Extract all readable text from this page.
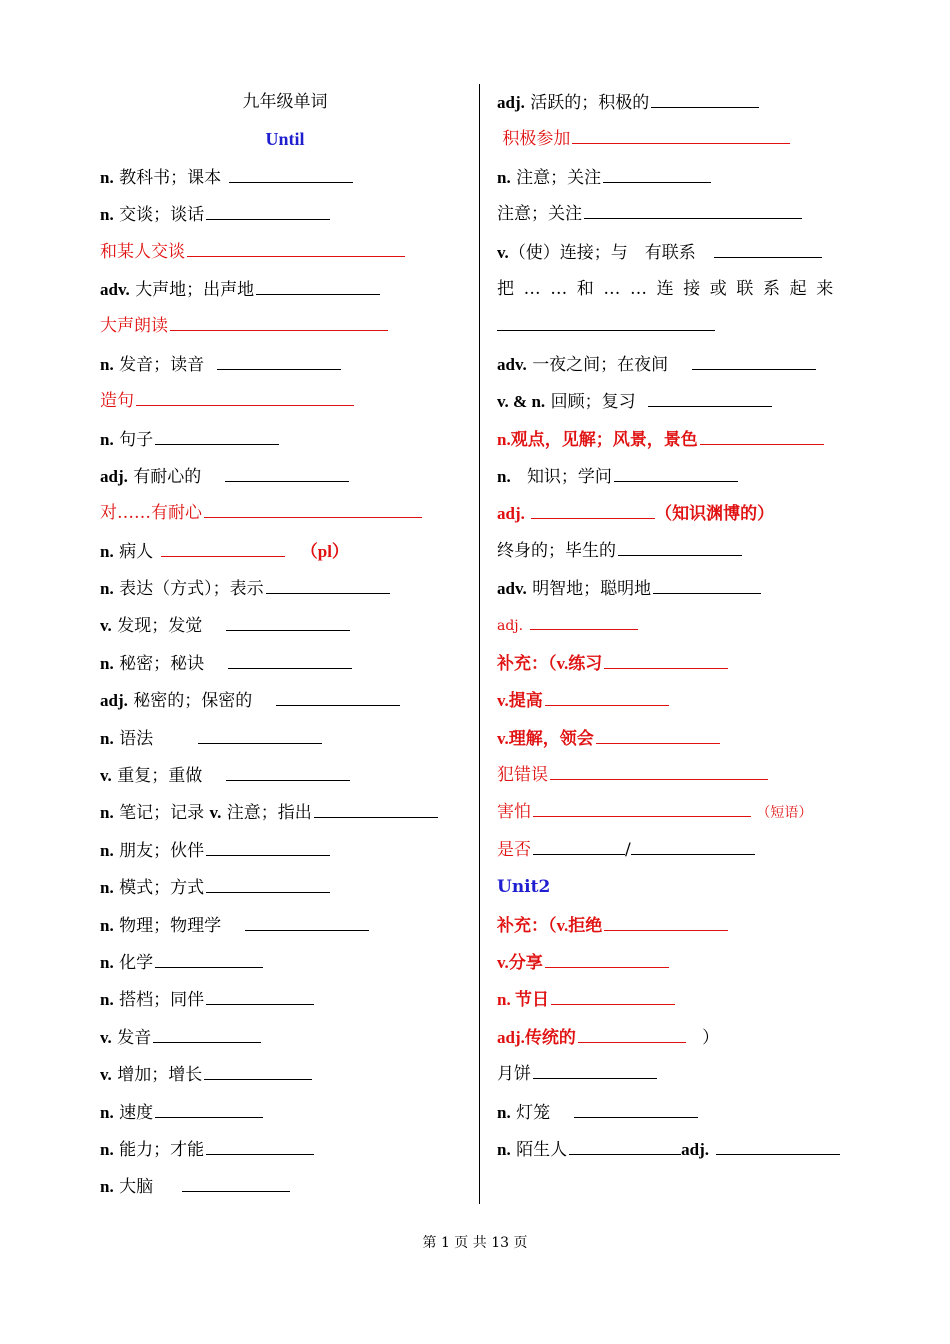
九年级单词
Until
n. 教科书；课本
n. 交谈；谈话
和某人交谈
adv. 大声地；出声地
大声朗读
n. 发音；读音
造句
n. 句子
adj. 有耐心的
对……有耐心
n. 病人	（pl）
n. 表达（方式）；表示
v. 发现；发觉
n. 秘密；秘诀
adj. 秘密的；保密的
n. 语法
v. 重复；重做
n. 笔记；记录 v. 注意；指出
n. 朋友；伙伴
n. 模式；方式
n. 物理；物理学
n. 化学
n. 搭档；同伴
v. 发音
v. 增加；增长
n. 速度
n. 能力；才能
n. 大脑
adj. 活跃的；积极的
积极参加
n. 注意；关注
注意；关注
v.（使）连接；与　有联系
把……和……连接或联系起来
adv. 一夜之间；在夜间
v. & n. 回顾；复习
n.观点，见解；风景，景色
n. 知识；学问
adj.	（知识渊博的）
终身的；毕生的
adv. 明智地；聪明地
adj.
补充：（v.练习
v.提高
v.理解，领会
犯错误
害怕	（短语）
是否	/
Unit2
补充：（v.拒绝
v.分享
n. 节日
adj.传统的	）
月饼
n. 灯笼
n. 陌生人	adj.
第 1 页 共 13 页
